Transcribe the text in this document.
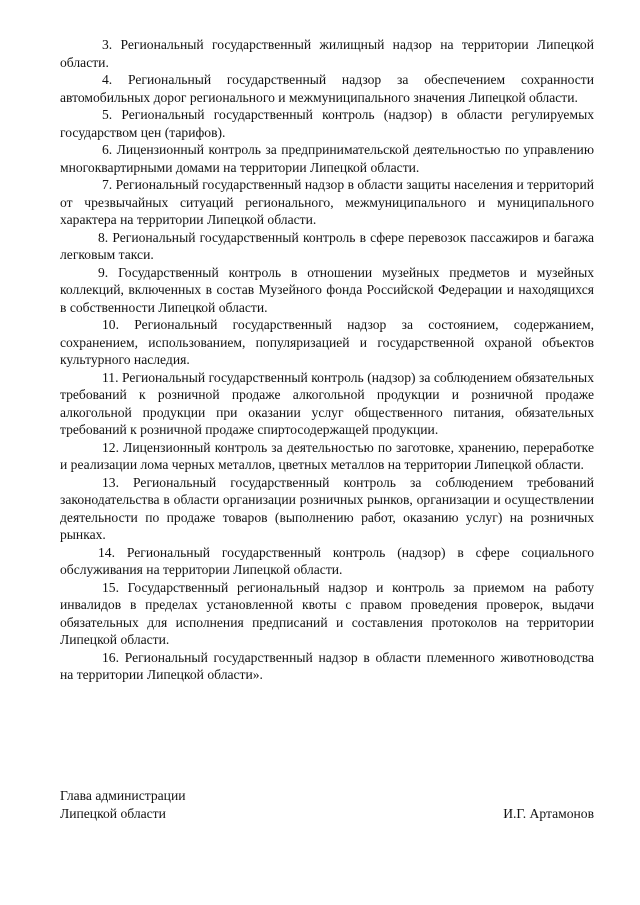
3. Региональный государственный жилищный надзор на территории Липецкой области.

4. Региональный государственный надзор за обеспечением сохранности автомобильных дорог регионального и межмуниципального значения Липецкой области.

5. Региональный государственный контроль (надзор) в области регулируемых государством цен (тарифов).

6. Лицензионный контроль за предпринимательской деятельностью по управлению многоквартирными домами на территории Липецкой области.

7. Региональный государственный надзор в области защиты населения и территорий от чрезвычайных ситуаций регионального, межмуниципального и муниципального характера на территории Липецкой области.

8. Региональный государственный контроль в сфере перевозок пассажиров и багажа легковым такси.

9. Государственный контроль в отношении музейных предметов и музейных коллекций, включенных в состав Музейного фонда Российской Федерации и находящихся в собственности Липецкой области.

10. Региональный государственный надзор за состоянием, содержанием, сохранением, использованием, популяризацией и государственной охраной объектов культурного наследия.

11. Региональный государственный контроль (надзор) за соблюдением обязательных требований к розничной продаже алкогольной продукции и розничной продаже алкогольной продукции при оказании услуг общественного питания, обязательных требований к розничной продаже спиртосодержащей продукции.

12. Лицензионный контроль за деятельностью по заготовке, хранению, переработке и реализации лома черных металлов, цветных металлов на территории Липецкой области.

13. Региональный государственный контроль за соблюдением требований законодательства в области организации розничных рынков, организации и осуществлении деятельности по продаже товаров (выполнению работ, оказанию услуг) на розничных рынках.

14. Региональный государственный контроль (надзор) в сфере социального обслуживания на территории Липецкой области.

15. Государственный региональный надзор и контроль за приемом на работу инвалидов в пределах установленной квоты с правом проведения проверок, выдачи обязательных для исполнения предписаний и составления протоколов на территории Липецкой области.

16. Региональный государственный надзор в области племенного животноводства на территории Липецкой области».

Глава администрации
Липецкой области	И.Г. Артамонов
